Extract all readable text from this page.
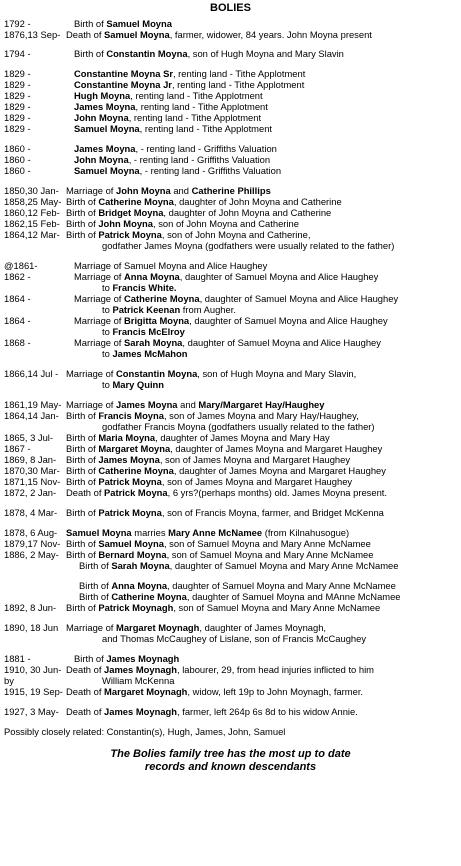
BOLIES
1792 -	Birth of Samuel Moyna
1876,13 Sep- Death of Samuel Moyna, farmer, widower, 84 years. John Moyna present
1794 -	Birth of Constantin Moyna, son of Hugh Moyna and Mary Slavin
1829 -	Constantine Moyna Sr, renting land - Tithe Applotment
1829 -	Constantine Moyna Jr, renting land - Tithe Applotment
1829 -	Hugh Moyna, renting land - Tithe Applotment
1829 -	James Moyna, renting land - Tithe Applotment
1829 -	John Moyna, renting land - Tithe Applotment
1829 -	Samuel Moyna, renting land - Tithe Applotment
1860 -	James Moyna, - renting land - Griffiths Valuation
1860 -	John Moyna, - renting land - Griffiths Valuation
1860 -	Samuel Moyna, - renting land - Griffiths Valuation
1850,30 Jan- Marriage of John Moyna and Catherine Phillips
1858,25 May- Birth of Catherine Moyna, daughter of John Moyna and Catherine
1860,12 Feb- Birth of Bridget Moyna, daughter of John Moyna and Catherine
1862,15 Feb- Birth of John Moyna, son of John Moyna and Catherine
1864,12 Mar- Birth of Patrick Moyna, son of John Moyna and Catherine,
godfather James Moyna (godfathers were usually related to the father)
@1861-	Marriage of Samuel Moyna and Alice Haughey
1862 -	Marriage of Anna Moyna, daughter of Samuel Moyna and Alice Haughey
to Francis White.
1864 -	Marriage of Catherine Moyna, daughter of Samuel Moyna and Alice Haughey
to Patrick Keenan from Augher.
1864 -	Marriage of Brigitta Moyna, daughter of Samuel Moyna and Alice Haughey
to Francis McElroy
1868 -	Marriage of Sarah Moyna, daughter of Samuel Moyna and Alice Haughey
to James McMahon
1866,14 Jul - Marriage of Constantin Moyna, son of Hugh Moyna and Mary Slavin,
to Mary Quinn
1861,19 May- Marriage of James Moyna and Mary/Margaret Hay/Haughey
1864,14 Jan- Birth of Francis Moyna, son of James Moyna and Mary Hay/Haughey,
godfather Francis Moyna (godfathers usually related to the father)
1865, 3 Jul- Birth of Maria Moyna, daughter of James Moyna and Mary Hay
1867 -	Birth of Margaret Moyna, daughter of James Moyna and Margaret Haughey
1869, 8 Jan- Birth of James Moyna, son of James Moyna and Margaret Haughey
1870,30 Mar- Birth of Catherine Moyna, daughter of James Moyna and Margaret Haughey
1871,15 Nov- Birth of Patrick Moyna, son of James Moyna and Margaret Haughey
1872, 2 Jan- Death of Patrick Moyna, 6 yrs?(perhaps months) old. James Moyna present.
1878, 4 Mar- Birth of Patrick Moyna, son of Francis Moyna, farmer, and Bridget McKenna
1878, 6 Aug- Samuel Moyna marries Mary Anne McNamee (from Kilnahusogue)
1879,17 Nov- Birth of Samuel Moyna, son of Samuel Moyna and Mary Anne McNamee
1886, 2 May- Birth of Bernard Moyna, son of Samuel Moyna and Mary Anne McNamee
Birth of Sarah Moyna, daughter of Samuel Moyna and Mary Anne McNamee
Birth of Anna Moyna, daughter of Samuel Moyna and Mary Anne McNamee
Birth of Catherine Moyna, daughter of Samuel Moyna and MAnne McNamee
1892, 8 Jun- Birth of Patrick Moynagh, son of Samuel Moyna and Mary Anne McNamee
1890, 18 Jun Marriage of Margaret Moynagh, daughter of James Moynagh,
and Thomas McCaughey of Lislane, son of Francis McCaughey
1881 -	Birth of James Moynagh
1910, 30 Jun- Death of James Moynagh, labourer, 29, from head injuries inflicted to him
by	William McKenna
1915, 19 Sep- Death of Margaret Moynagh, widow, left 19p to John Moynagh, farmer.
1927, 3 May- Death of James Moynagh, farmer, left 264p 6s 8d to his widow Annie.
Possibly closely related: Constantin(s), Hugh, James, John, Samuel
The Bolies family tree has the most up to date
records and known descendants
